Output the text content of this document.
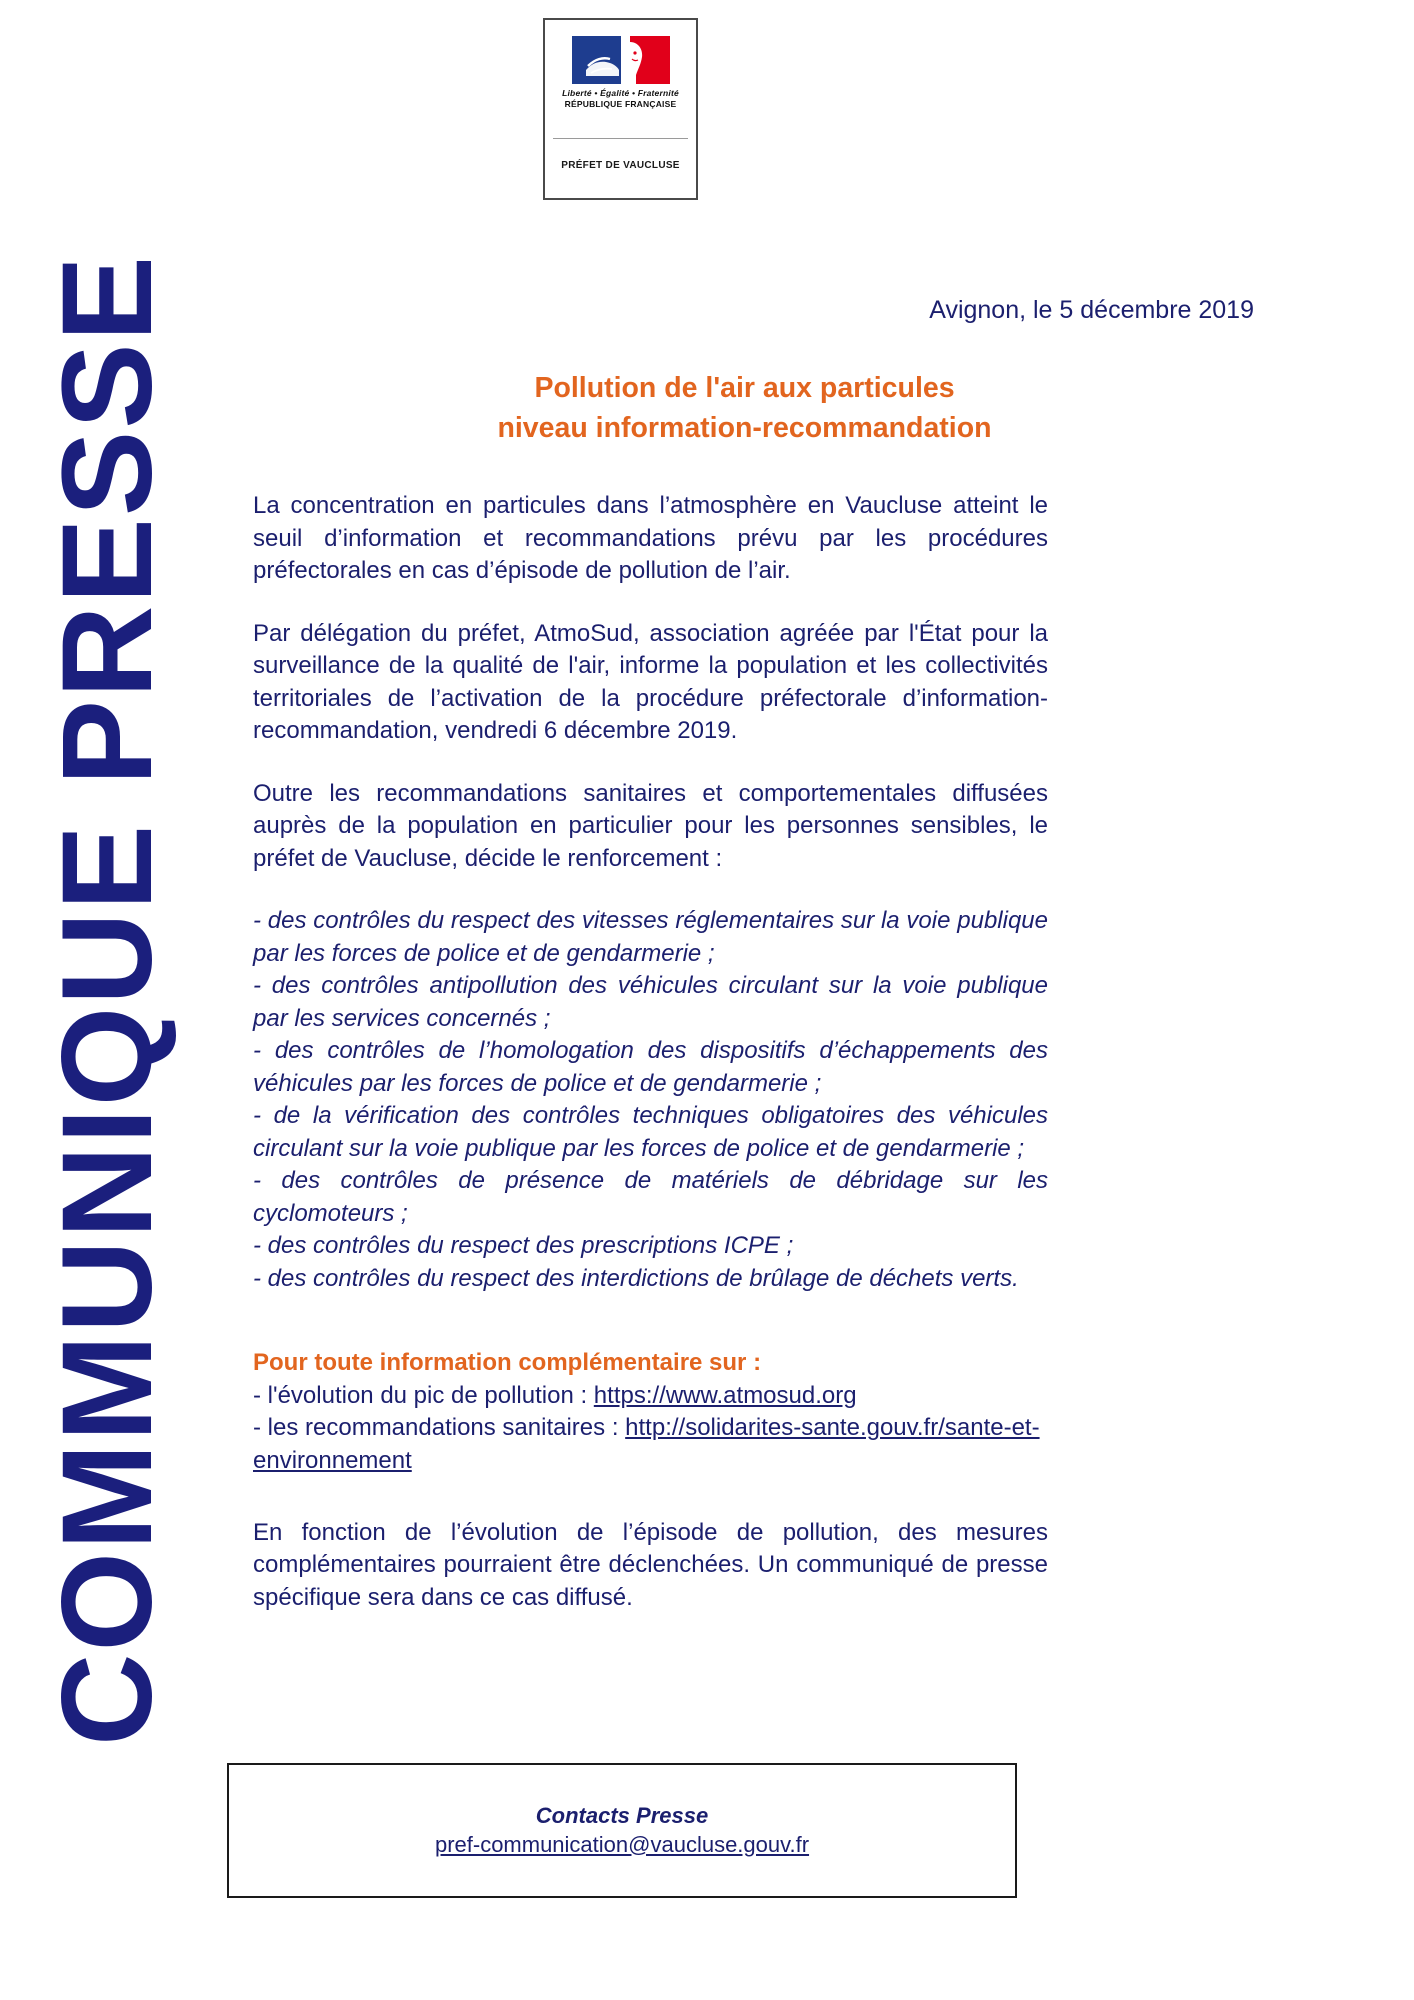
COMMUNIQUE PRESSE
Liberté • Égalité • Fraternité
RÉPUBLIQUE FRANÇAISE
PRÉFET DE VAUCLUSE
Avignon, le 5 décembre 2019
Pollution de l'air aux particules
niveau information-recommandation

La concentration en particules dans l’atmosphère en Vaucluse atteint le seuil d’information et recommandations prévu par les procédures préfectorales en cas d’épisode de pollution de l’air.

Par délégation du préfet, AtmoSud, association agréée par l'État pour la surveillance de la qualité de l'air, informe la population et les collectivités territoriales de l’activation de la procédure préfectorale d’information-recommandation, vendredi 6 décembre 2019.

Outre les recommandations sanitaires et comportementales diffusées auprès de la population en particulier pour les personnes sensibles, le préfet de Vaucluse, décide le renforcement :

- des contrôles du respect des vitesses réglementaires sur la voie publique par les forces de police et de gendarmerie ;
- des contrôles antipollution des véhicules circulant sur la voie publique par les services concernés ;
- des contrôles de l’homologation des dispositifs d’échappements des véhicules par les forces de police et de gendarmerie ;
- de la vérification des contrôles techniques obligatoires des véhicules circulant sur la voie publique par les forces de police et de gendarmerie ;
- des contrôles de présence de matériels de débridage sur les cyclomoteurs ;
- des contrôles du respect des prescriptions ICPE ;
- des contrôles du respect des interdictions de brûlage de déchets verts.

Pour toute information complémentaire sur :

- l'évolution du pic de pollution : https://www.atmosud.org
- les recommandations sanitaires : http://solidarites-sante.gouv.fr/sante-et-environnement

En fonction de l’évolution de l’épisode de pollution, des mesures complémentaires pourraient être déclenchées. Un communiqué de presse spécifique sera dans ce cas diffusé.

Contacts Presse
pref-communication@vaucluse.gouv.fr
